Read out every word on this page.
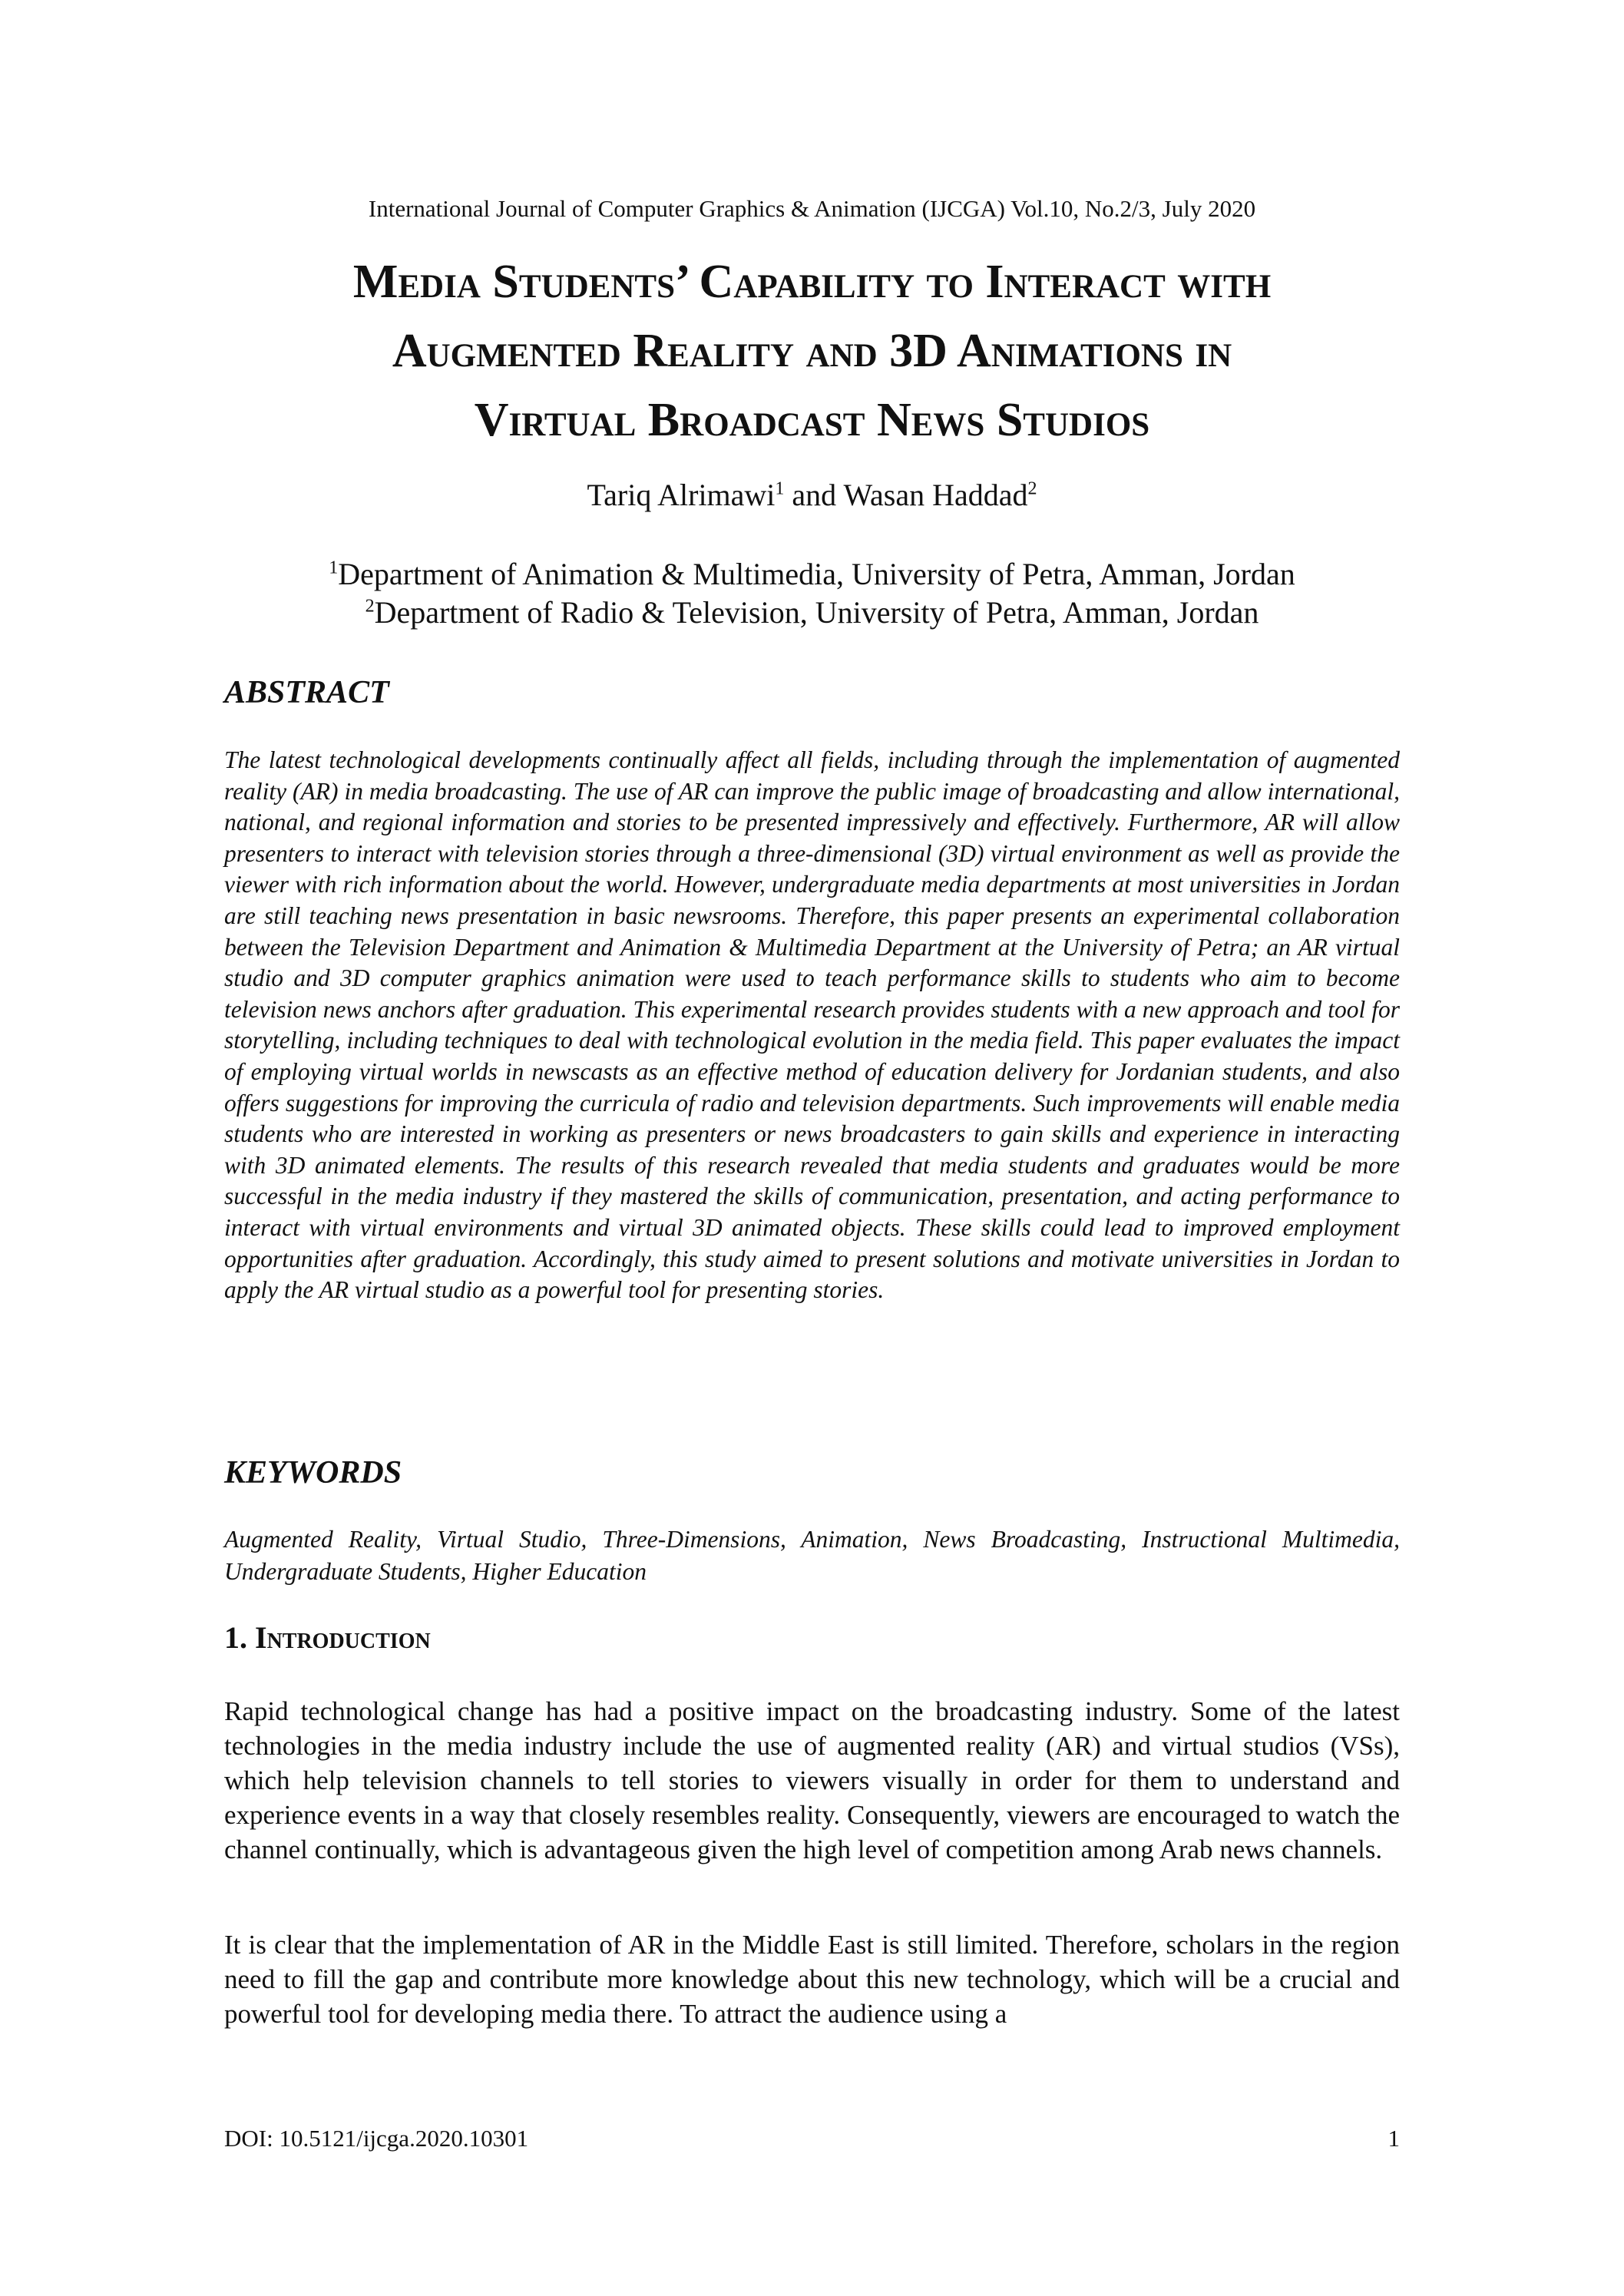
International Journal of Computer Graphics & Animation (IJCGA) Vol.10, No.2/3, July 2020
Media Students’ Capability to Interact with
Augmented Reality and 3D Animations in
Virtual Broadcast News Studios
Tariq Alrimawi$^1$ and Wasan Haddad$^2$
$^1$Department of Animation & Multimedia, University of Petra, Amman, Jordan
$^2$Department of Radio & Television, University of Petra, Amman, Jordan
ABSTRACT

The latest technological developments continually affect all fields, including through the implementation of augmented reality (AR) in media broadcasting. The use of AR can improve the public image of broadcasting and allow international, national, and regional information and stories to be presented impressively and effectively. Furthermore, AR will allow presenters to interact with television stories through a three-dimensional (3D) virtual environment as well as provide the viewer with rich information about the world. However, undergraduate media departments at most universities in Jordan are still teaching news presentation in basic newsrooms. Therefore, this paper presents an experimental collaboration between the Television Department and Animation & Multimedia Department at the University of Petra; an AR virtual studio and 3D computer graphics animation were used to teach performance skills to students who aim to become television news anchors after graduation. This experimental research provides students with a new approach and tool for storytelling, including techniques to deal with technological evolution in the media field. This paper evaluates the impact of employing virtual worlds in newscasts as an effective method of education delivery for Jordanian students, and also offers suggestions for improving the curricula of radio and television departments. Such improvements will enable media students who are interested in working as presenters or news broadcasters to gain skills and experience in interacting with 3D animated elements. The results of this research revealed that media students and graduates would be more successful in the media industry if they mastered the skills of communication, presentation, and acting performance to interact with virtual environments and virtual 3D animated objects. These skills could lead to improved employment opportunities after graduation. Accordingly, this study aimed to present solutions and motivate universities in Jordan to apply the AR virtual studio as a powerful tool for presenting stories.

KEYWORDS

Augmented Reality, Virtual Studio, Three-Dimensions, Animation, News Broadcasting, Instructional Multimedia, Undergraduate Students, Higher Education

1. Introduction

Rapid technological change has had a positive impact on the broadcasting industry. Some of the latest technologies in the media industry include the use of augmented reality (AR) and virtual studios (VSs), which help television channels to tell stories to viewers visually in order for them to understand and experience events in a way that closely resembles reality. Consequently, viewers are encouraged to watch the channel continually, which is advantageous given the high level of competition among Arab news channels.

It is clear that the implementation of AR in the Middle East is still limited. Therefore, scholars in the region need to fill the gap and contribute more knowledge about this new technology, which will be a crucial and powerful tool for developing media there. To attract the audience using a

DOI: 10.5121/ijcga.2020.10301	1
